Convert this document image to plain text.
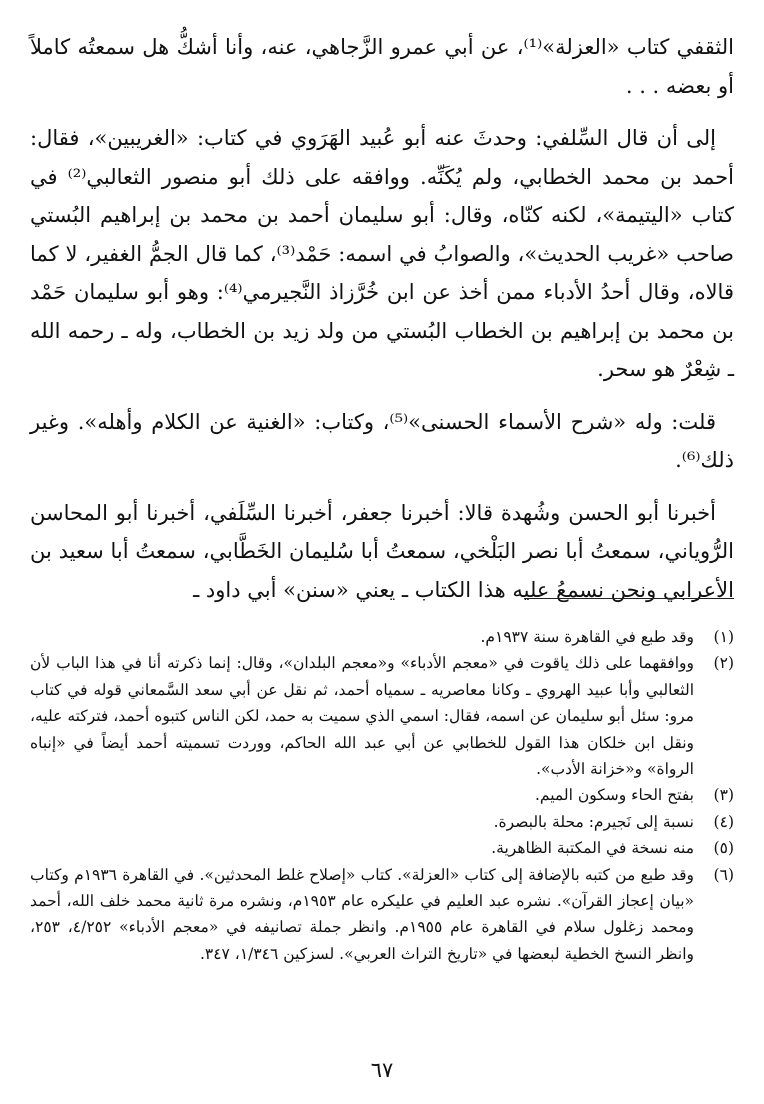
الثقفي كتاب «العزلة»⁽¹⁾، عن أبي عمرو الزَّجاهي، عنه، وأنا أشكُّ هل سمعتُه كاملاً أو بعضه . . .

إلى أن قال السِّلفي: وحدثَ عنه أبو عُبيد الهَرَوي في كتاب: «الغريبين»، فقال: أحمد بن محمد الخطابي، ولم يُكَنِّه. ووافقه على ذلك أبو منصور الثعالبي⁽²⁾ في كتاب «اليتيمة»، لكنه كنّاه، وقال: أبو سليمان أحمد بن محمد بن إبراهيم البُستي صاحب «غريب الحديث»، والصوابُ في اسمه: حَمْد⁽³⁾، كما قال الجمُّ الغفير، لا كما قالاه، وقال أحدُ الأدباء ممن أخذ عن ابن خُرَّزاذ النَّجيرمي⁽⁴⁾: وهو أبو سليمان حَمْد بن محمد بن إبراهيم بن الخطاب البُستي من ولد زيد بن الخطاب، وله ـ رحمه الله ـ شِعْرٌ هو سحر.

قلت: وله «شرح الأسماء الحسنى»⁽⁵⁾، وكتاب: «الغنية عن الكلام وأهله». وغير ذلك⁽⁶⁾.

أخبرنا أبو الحسن وشُهدة قالا: أخبرنا جعفر، أخبرنا السِّلَفي، أخبرنا أبو المحاسن الرُّوياني، سمعتُ أبا نصر البَلْخي، سمعتُ أبا سُليمان الخَطَّابي، سمعتُ أبا سعيد بن الأعرابي ونحن نسمعُ عليه هذا الكتاب ـ يعني «سنن» أبي داود ـ

(١)
وقد طبع في القاهرة سنة ١٩٣٧م.
(٢)
ووافقهما على ذلك ياقوت في «معجم الأدباء» و«معجم البلدان»، وقال: إنما ذكرته أنا في هذا الباب لأن الثعالبي وأبا عبيد الهروي ـ وكانا معاصريه ـ سمياه أحمد، ثم نقل عن أبي سعد السَّمعاني قوله في كتاب مرو: سئل أبو سليمان عن اسمه، فقال: اسمي الذي سميت به حمد، لكن الناس كتبوه أحمد، فتركته عليه، ونقل ابن خلكان هذا القول للخطابي عن أبي عبد الله الحاكم، ووردت تسميته أحمد أيضاً في «إنباه الرواة» و«خزانة الأدب».
(٣)
بفتح الحاء وسكون الميم.
(٤)
نسبة إلى نَجيرم: محلة بالبصرة.
(٥)
منه نسخة في المكتبة الظاهرية.
(٦)
وقد طبع من كتبه بالإضافة إلى كتاب «العزلة». كتاب «إصلاح غلط المحدثين». في القاهرة ١٩٣٦م وكتاب «بيان إعجاز القرآن». نشره عبد العليم في عليكره عام ١٩٥٣م، ونشره مرة ثانية محمد خلف الله، أحمد ومحمد زغلول سلام في القاهرة عام ١٩٥٥م. وانظر جملة تصانيفه في «معجم الأدباء» ٤/٢٥٢، ٢٥٣، وانظر النسخ الخطية لبعضها في «تاريخ التراث العربي». لسزكين ١/٣٤٦، ٣٤٧.
٦٧
